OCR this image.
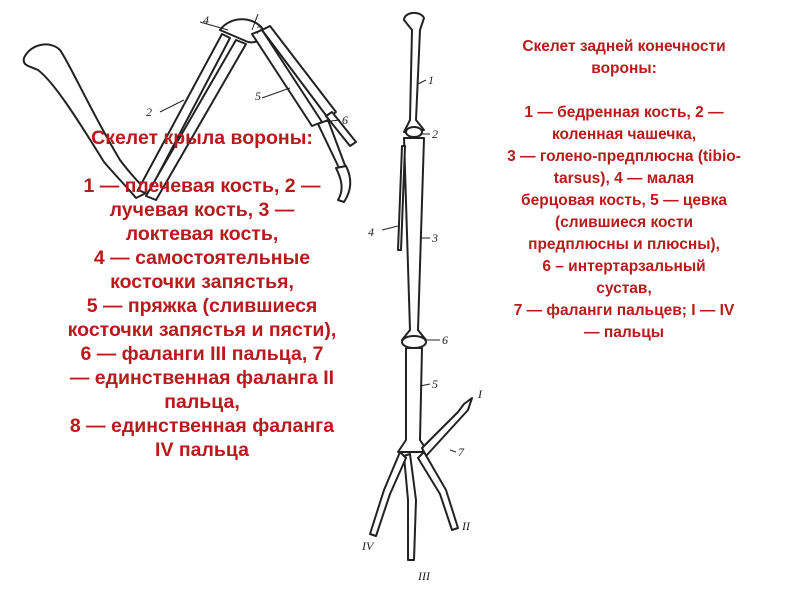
4
7
2
5
6
1
2
4	3
6
5
I
7
II
IV
III
Скелет крыла вороны:
1 — плечевая кость, 2 —
лучевая кость, 3 —
локтевая кость,
4 — самостоятельные
косточки запястья,
5 — пряжка (слившиеся
косточки запястья и пясти),
6 — фаланги III пальца, 7
— единственная фаланга II
пальца,
8 — единственная фаланга
IV пальца
Скелет задней конечности
вороны:
1 — бедренная кость, 2 —
коленная чашечка,
3 — голено-предплюсна (tibio-
tarsus), 4 — малая
берцовая кость, 5 — цевка
(слившиеся кости
предплюсны и плюсны),
6 – интертарзальный
сустав,
7 — фаланги пальцев; I — IV
— пальцы
